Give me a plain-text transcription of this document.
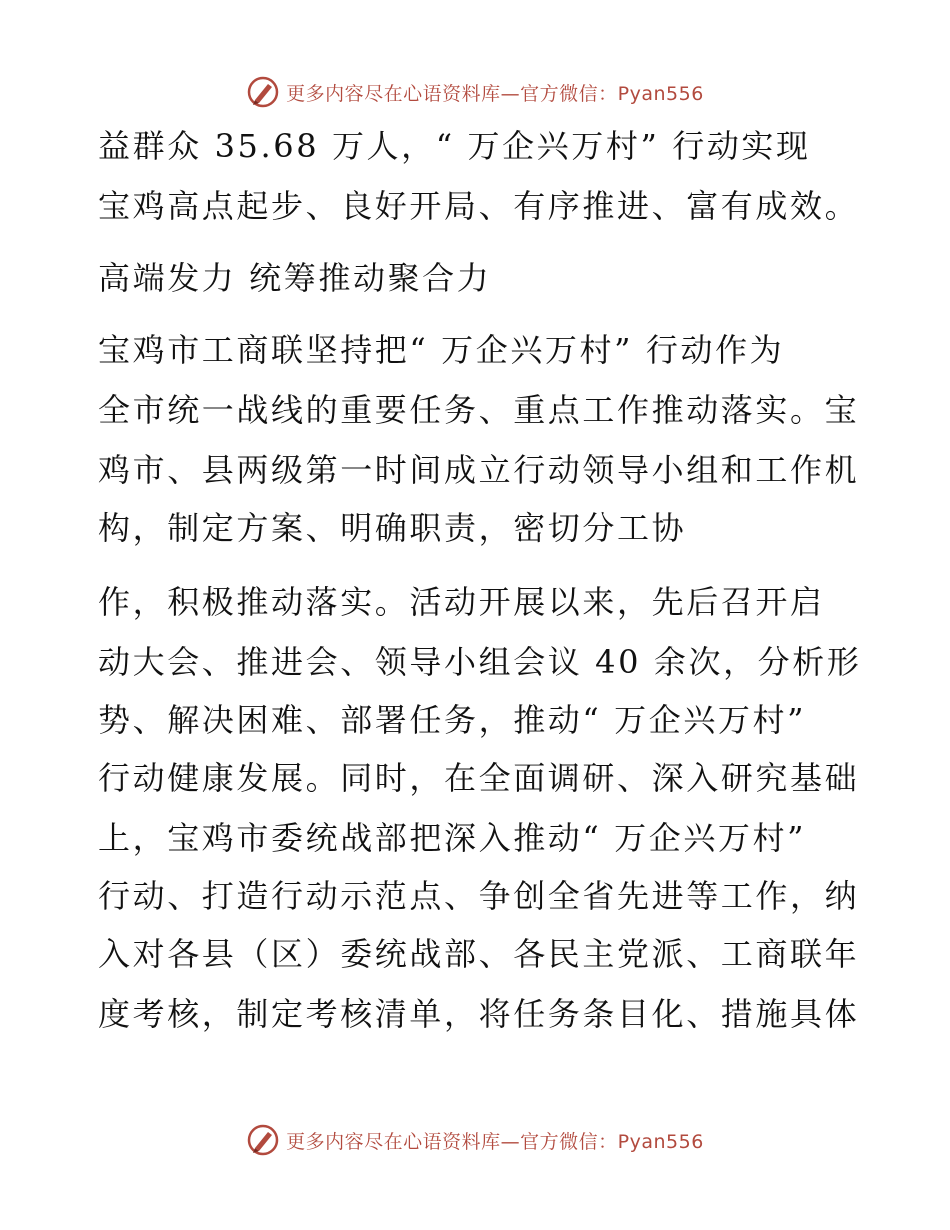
更多内容尽在心语资料库—官方微信：Pyan556
益群众 35.68 万人，“ 万企兴万村” 行动实现
宝鸡高点起步、良好开局、有序推进、富有成效。
高端发力 统筹推动聚合力
宝鸡市工商联坚持把“ 万企兴万村” 行动作为
全市统一战线的重要任务、重点工作推动落实。宝
鸡市、县两级第一时间成立行动领导小组和工作机
构，制定方案、明确职责，密切分工协
作，积极推动落实。活动开展以来，先后召开启
动大会、推进会、领导小组会议 40 余次，分析形
势、解决困难、部署任务，推动“ 万企兴万村”
行动健康发展。同时，在全面调研、深入研究基础
上，宝鸡市委统战部把深入推动“ 万企兴万村”
行动、打造行动示范点、争创全省先进等工作，纳
入对各县（区）委统战部、各民主党派、工商联年
度考核，制定考核清单，将任务条目化、措施具体
更多内容尽在心语资料库—官方微信：Pyan556
